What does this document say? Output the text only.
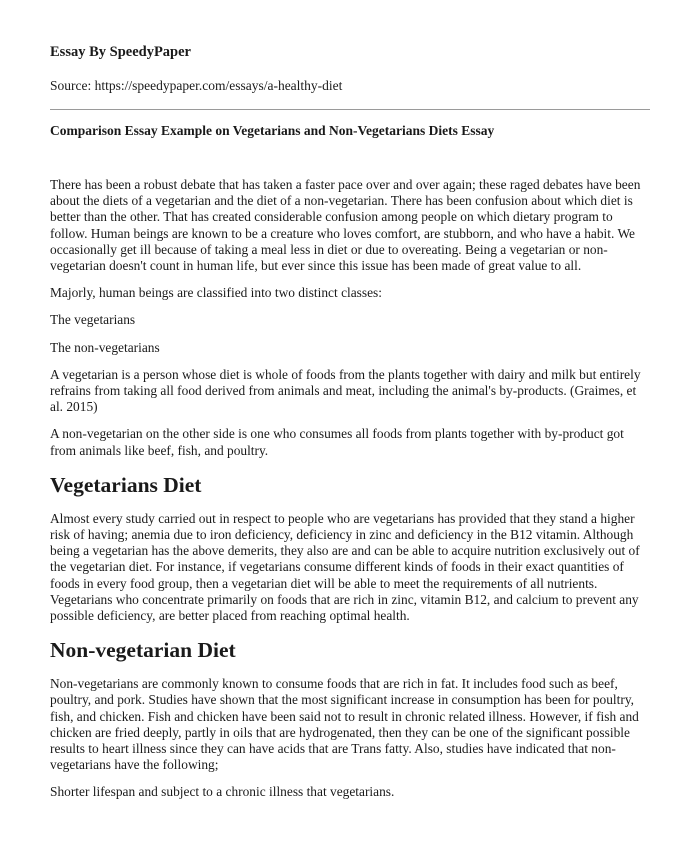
Essay By SpeedyPaper

Source: https://speedypaper.com/essays/a-healthy-diet

Comparison Essay Example on Vegetarians and Non-Vegetarians Diets Essay

There has been a robust debate that has taken a faster pace over and over again; these raged debates have been about the diets of a vegetarian and the diet of a non-vegetarian. There has been confusion about which diet is better than the other. That has created considerable confusion among people on which dietary program to follow. Human beings are known to be a creature who loves comfort, are stubborn, and who have a habit. We occasionally get ill because of taking a meal less in diet or due to overeating. Being a vegetarian or non-vegetarian doesn't count in human life, but ever since this issue has been made of great value to all.

Majorly, human beings are classified into two distinct classes:

The vegetarians

The non-vegetarians

A vegetarian is a person whose diet is whole of foods from the plants together with dairy and milk but entirely refrains from taking all food derived from animals and meat, including the animal's by-products. (Graimes, et al. 2015)

A non-vegetarian on the other side is one who consumes all foods from plants together with by-product got from animals like beef, fish, and poultry.

Vegetarians Diet

Almost every study carried out in respect to people who are vegetarians has provided that they stand a higher risk of having; anemia due to iron deficiency, deficiency in zinc and deficiency in the B12 vitamin. Although being a vegetarian has the above demerits, they also are and can be able to acquire nutrition exclusively out of the vegetarian diet. For instance, if vegetarians consume different kinds of foods in their exact quantities of foods in every food group, then a vegetarian diet will be able to meet the requirements of all nutrients. Vegetarians who concentrate primarily on foods that are rich in zinc, vitamin B12, and calcium to prevent any possible deficiency, are better placed from reaching optimal health.

Non-vegetarian Diet

Non-vegetarians are commonly known to consume foods that are rich in fat. It includes food such as beef, poultry, and pork. Studies have shown that the most significant increase in consumption has been for poultry, fish, and chicken. Fish and chicken have been said not to result in chronic related illness. However, if fish and chicken are fried deeply, partly in oils that are hydrogenated, then they can be one of the significant possible results to heart illness since they can have acids that are Trans fatty. Also, studies have indicated that non-vegetarians have the following;

Shorter lifespan and subject to a chronic illness that vegetarians.
